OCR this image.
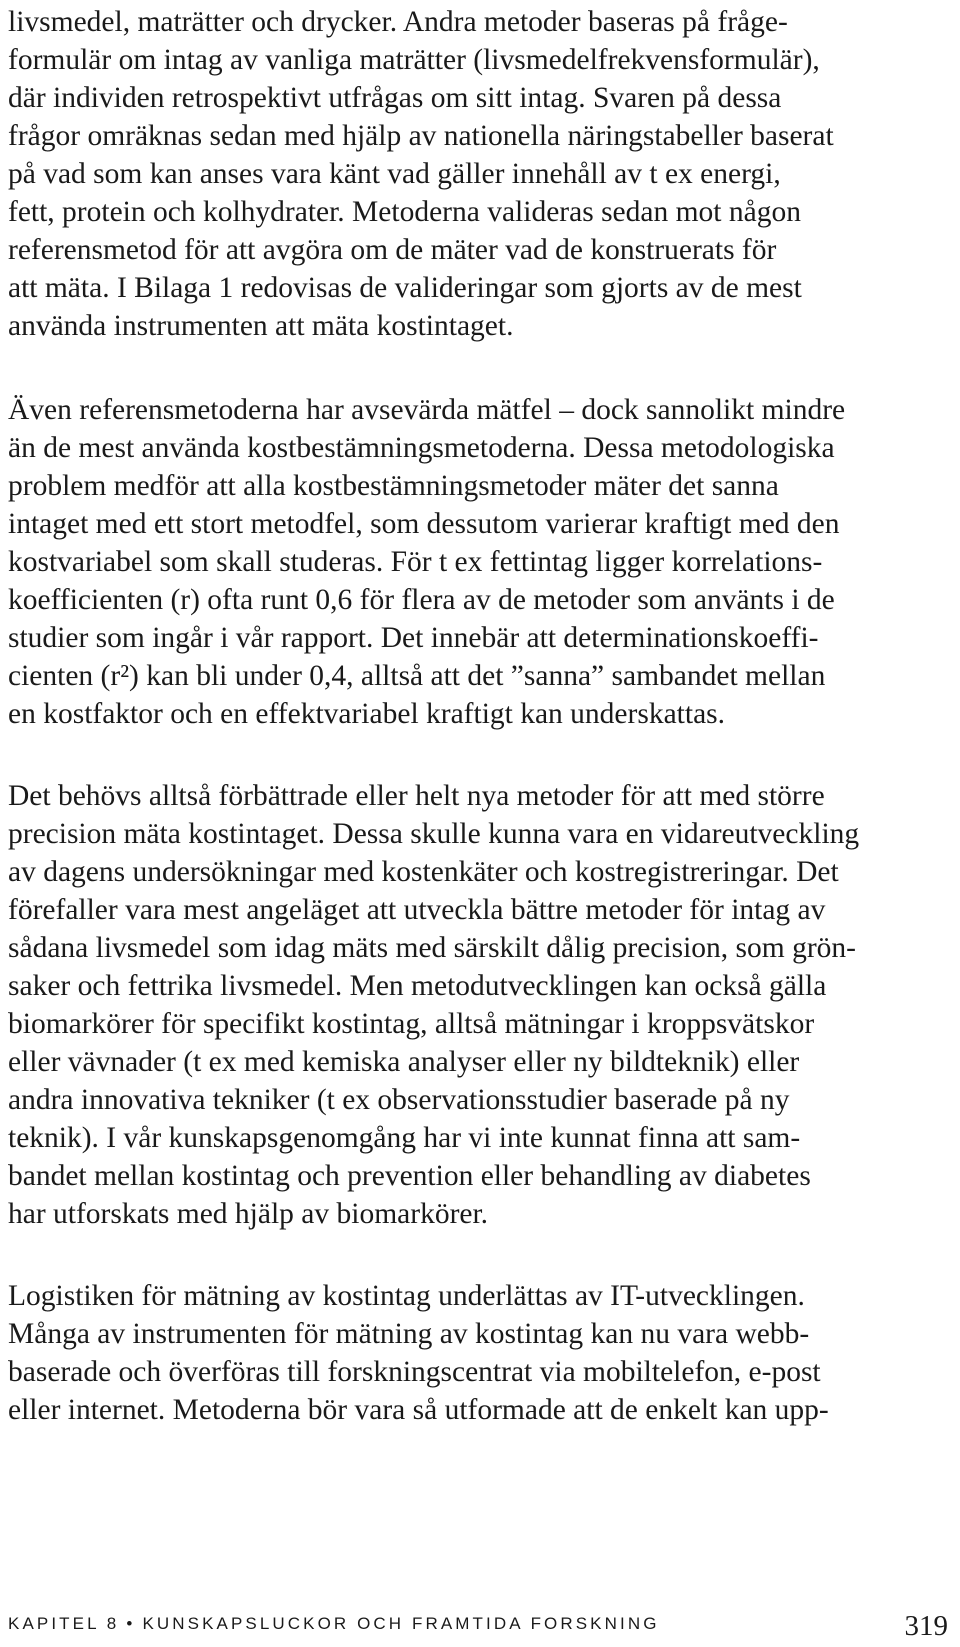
livsmedel, maträtter och drycker. Andra metoder baseras på fråge-
formulär om intag av vanliga maträtter (livsmedelfrekvensformulär),
där individen retrospektivt utfrågas om sitt intag. Svaren på dessa
frågor omräknas sedan med hjälp av nationella näringstabeller baserat
på vad som kan anses vara känt vad gäller innehåll av t ex energi,
fett, protein och kolhydrater. Metoderna valideras sedan mot någon
referensmetod för att avgöra om de mäter vad de konstruerats för
att mäta. I Bilaga 1 redovisas de valideringar som gjorts av de mest
använda instrumenten att mäta kostintaget.
Även referensmetoderna har avsevärda mätfel – dock sannolikt mindre
än de mest använda kostbestämningsmetoderna. Dessa metodologiska
problem medför att alla kostbestämningsmetoder mäter det sanna
intaget med ett stort metodfel, som dessutom varierar kraftigt med den
kostvariabel som skall studeras. För t ex fettintag ligger korrelations-
koefficienten (r) ofta runt 0,6 för flera av de metoder som använts i de
studier som ingår i vår rapport. Det innebär att determinationskoeffi-
cienten (r²) kan bli under 0,4, alltså att det ”sanna” sambandet mellan
en kostfaktor och en effektvariabel kraftigt kan underskattas.
Det behövs alltså förbättrade eller helt nya metoder för att med större
precision mäta kostintaget. Dessa skulle kunna vara en vidareutveckling
av dagens undersökningar med kostenkäter och kostregistreringar. Det
förefaller vara mest angeläget att utveckla bättre metoder för intag av
sådana livsmedel som idag mäts med särskilt dålig precision, som grön-
saker och fettrika livsmedel. Men metodutvecklingen kan också gälla
biomarkörer för specifikt kostintag, alltså mätningar i kroppsvätskor
eller vävnader (t ex med kemiska analyser eller ny bildteknik) eller
andra innovativa tekniker (t ex observationsstudier baserade på ny
teknik). I vår kunskapsgenomgång har vi inte kunnat finna att sam-
bandet mellan kostintag och prevention eller behandling av diabetes
har utforskats med hjälp av biomarkörer.
Logistiken för mätning av kostintag underlättas av IT-utvecklingen.
Många av instrumenten för mätning av kostintag kan nu vara webb-
baserade och överföras till forskningscentrat via mobiltelefon, e-post
eller internet. Metoderna bör vara så utformade att de enkelt kan upp-
KAPITEL 8 • KUNSKAPSLUCKOR OCH FRAMTIDA FORSKNING	319
